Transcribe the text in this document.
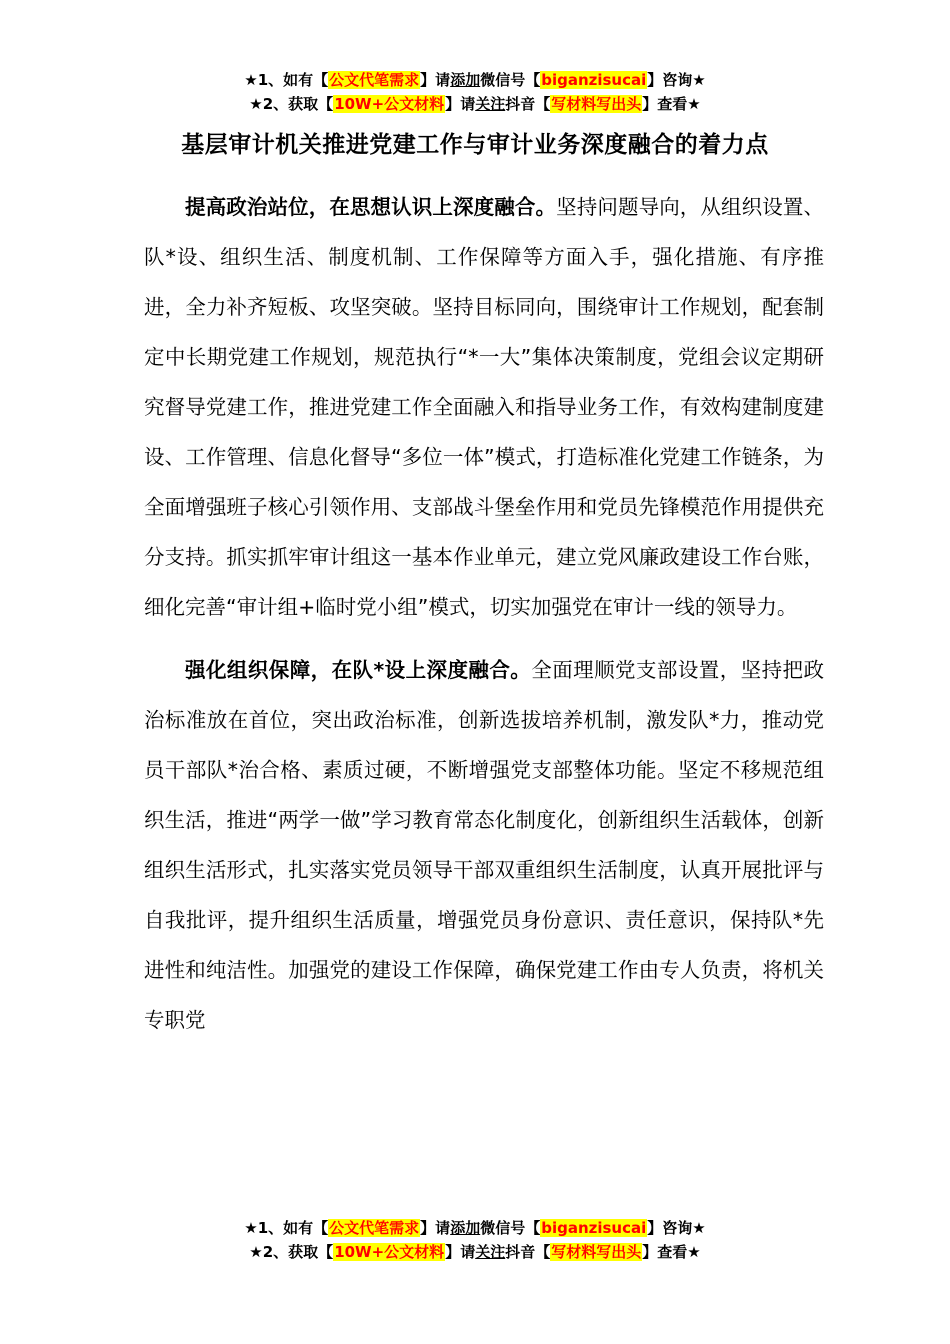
★1、如有【公文代笔需求】请添加微信号【biganzisucai】咨询★
★2、获取【10W+公文材料】请关注抖音【写材料写出头】查看★
基层审计机关推进党建工作与审计业务深度融合的着力点

提高政治站位，在思想认识上深度融合。坚持问题导向，从组织设置、队*设、组织生活、制度机制、工作保障等方面入手，强化措施、有序推进，全力补齐短板、攻坚突破。坚持目标同向，围绕审计工作规划，配套制定中长期党建工作规划，规范执行“*一大”集体决策制度，党组会议定期研究督导党建工作，推进党建工作全面融入和指导业务工作，有效构建制度建设、工作管理、信息化督导“多位一体”模式，打造标准化党建工作链条，为全面增强班子核心引领作用、支部战斗堡垒作用和党员先锋模范作用提供充分支持。抓实抓牢审计组这一基本作业单元，建立党风廉政建设工作台账，细化完善“审计组+临时党小组”模式，切实加强党在审计一线的领导力。

强化组织保障，在队*设上深度融合。全面理顺党支部设置，坚持把政治标准放在首位，突出政治标准，创新选拔培养机制，激发队*力，推动党员干部队*治合格、素质过硬，不断增强党支部整体功能。坚定不移规范组织生活，推进“两学一做”学习教育常态化制度化，创新组织生活载体，创新组织生活形式，扎实落实党员领导干部双重组织生活制度，认真开展批评与自我批评，提升组织生活质量，增强党员身份意识、责任意识，保持队*先进性和纯洁性。加强党的建设工作保障，确保党建工作由专人负责，将机关专职党

★1、如有【公文代笔需求】请添加微信号【biganzisucai】咨询★
★2、获取【10W+公文材料】请关注抖音【写材料写出头】查看★
